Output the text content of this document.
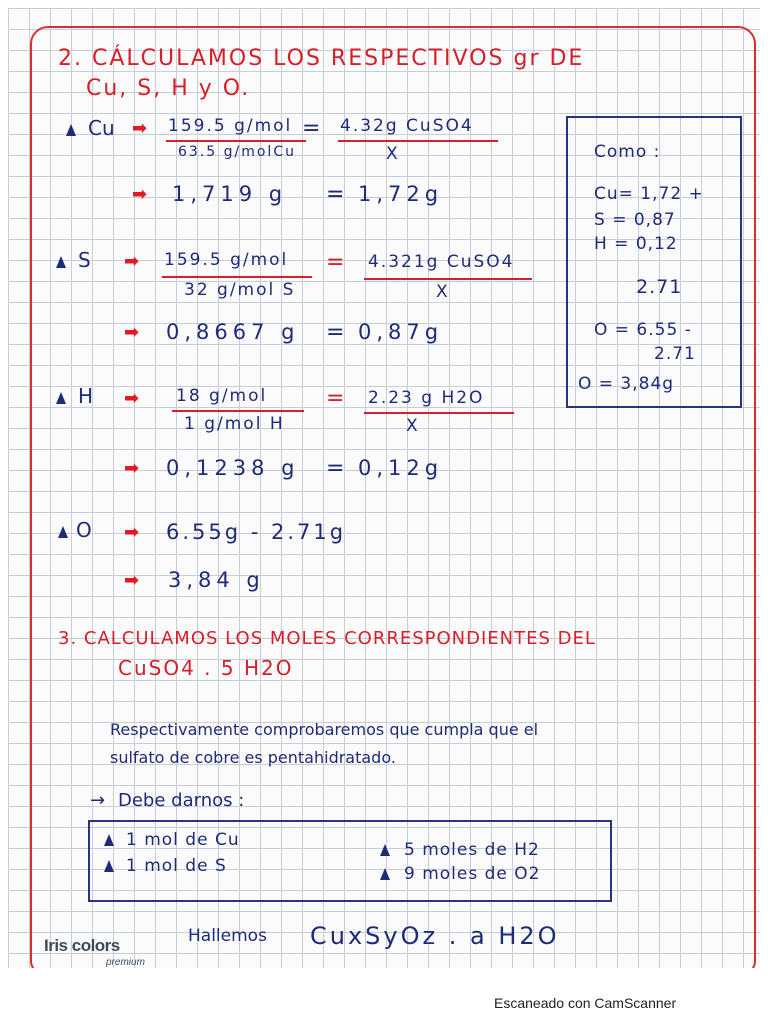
2. CÁLCULAMOS LOS RESPECTIVOS gr DE
Cu, S, H y O.
Cu ➡ 159.5 g/mol
63.5 g/molCu
= 4.32g CuSO4
X
➡ 1,719 g = 1,72g
S ➡ 159.5 g/mol
32 g/mol S
= 4.321g CuSO4
X
➡ 0,8667 g = 0,87g
H ➡ 18 g/mol
1 g/mol H
= 2.23 g H2O
X
➡ 0,1238 g = 0,12g
O ➡ 6.55g - 2.71g
➡ 3,84 g
Como :
Cu= 1,72 +
S = 0,87
H = 0,12
2.71
O = 6.55 -
2.71
O = 3,84g
3. CALCULAMOS LOS MOLES CORRESPONDIENTES DEL
CuSO4 . 5 H2O
Respectivamente comprobaremos que cumpla que el
sulfato de cobre es pentahidratado.
→ Debe darnos :
1 mol de Cu
1 mol de S
5 moles de H2
9 moles de O2
Hallemos CuxSyOz . a H2O
Iris colors
premium
Escaneado con CamScanner
